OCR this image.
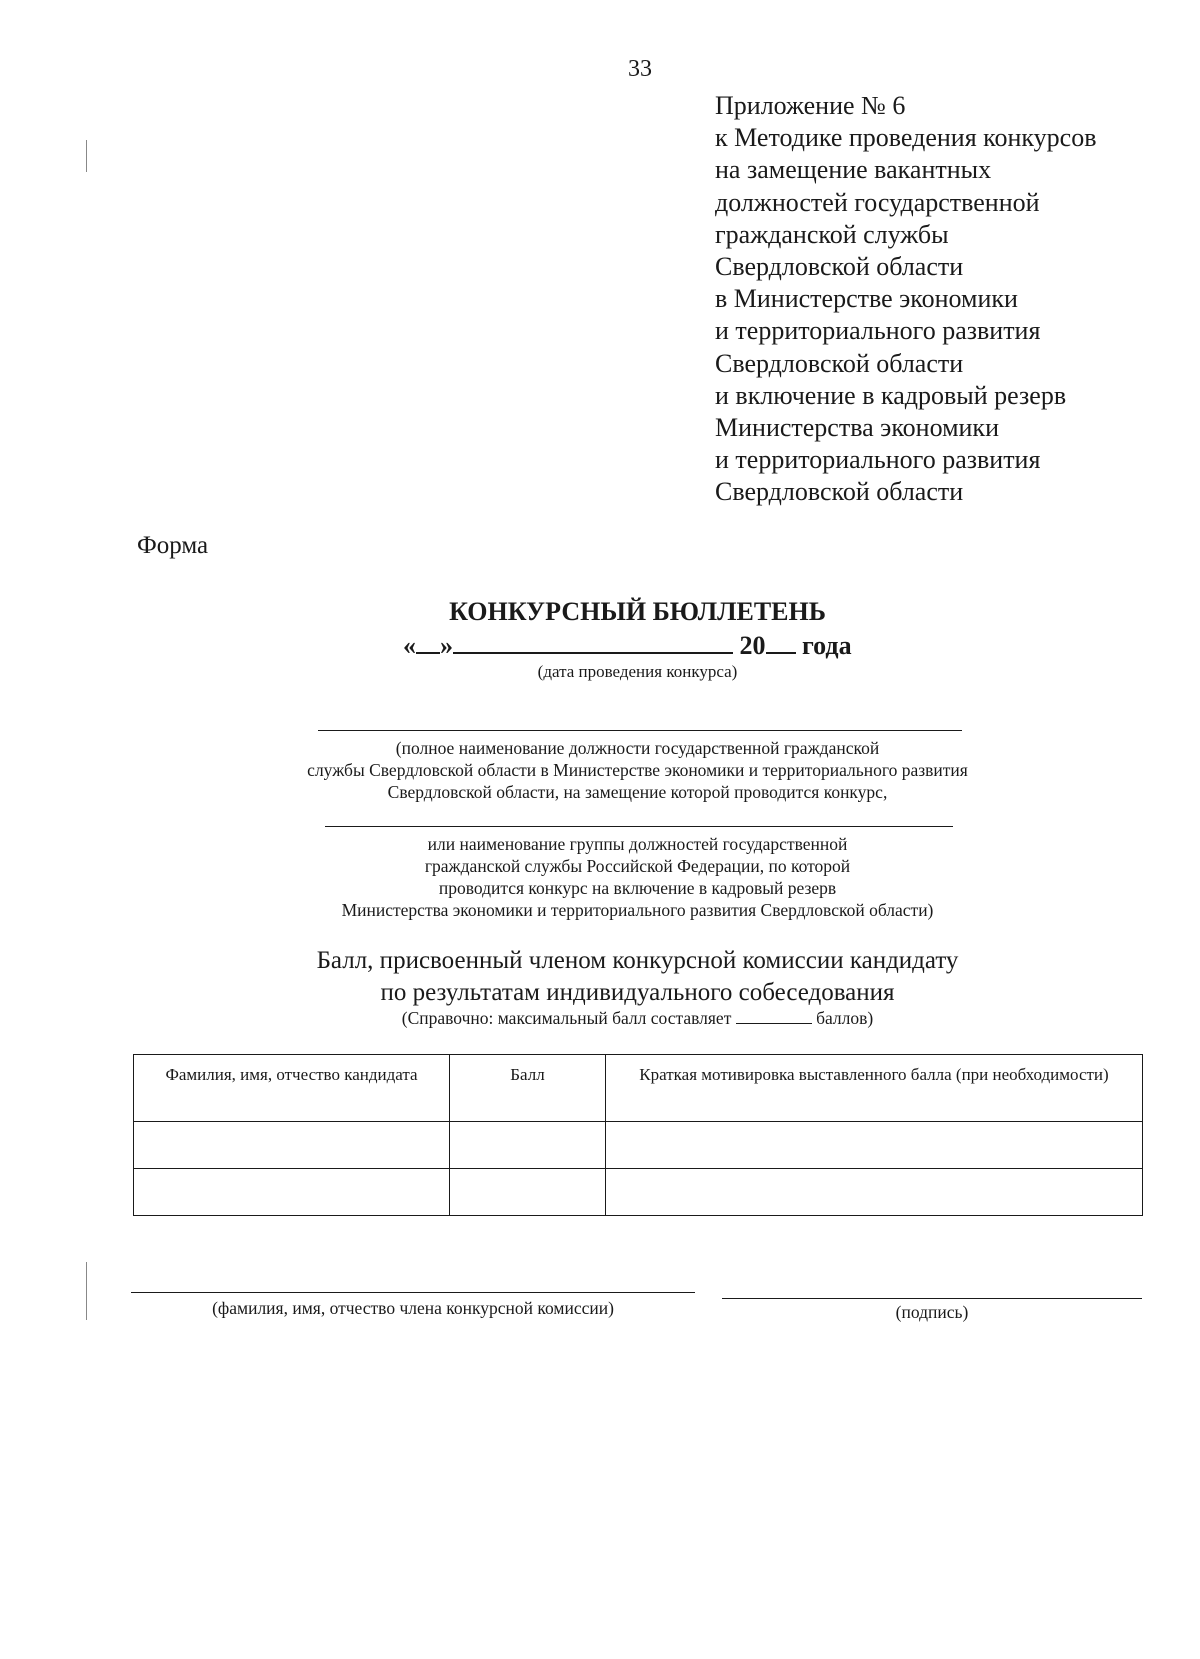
33
Приложение № 6
к Методике проведения конкурсов
на замещение вакантных
должностей государственной
гражданской службы
Свердловской области
в Министерстве экономики
и территориального развития
Свердловской области
и включение в кадровый резерв
Министерства экономики
и территориального развития
Свердловской области
Форма
КОНКУРСНЫЙ БЮЛЛЕТЕНЬ
« »	20 года
(дата проведения конкурса)
(полное наименование должности государственной гражданской
службы Свердловской области в Министерстве экономики и территориального развития
Свердловской области, на замещение которой проводится конкурс,
или наименование группы должностей государственной
гражданской службы Российской Федерации, по которой
проводится конкурс на включение в кадровый резерв
Министерства экономики и территориального развития Свердловской области)
Балл, присвоенный членом конкурсной комиссии кандидату
по результатам индивидуального собеседования
(Справочно: максимальный балл составляет	баллов)
Фамилия, имя, отчество кандидата	Балл	Краткая мотивировка выставленного балла (при необходимости)

(фамилия, имя, отчество члена конкурсной комиссии)	(подпись)
